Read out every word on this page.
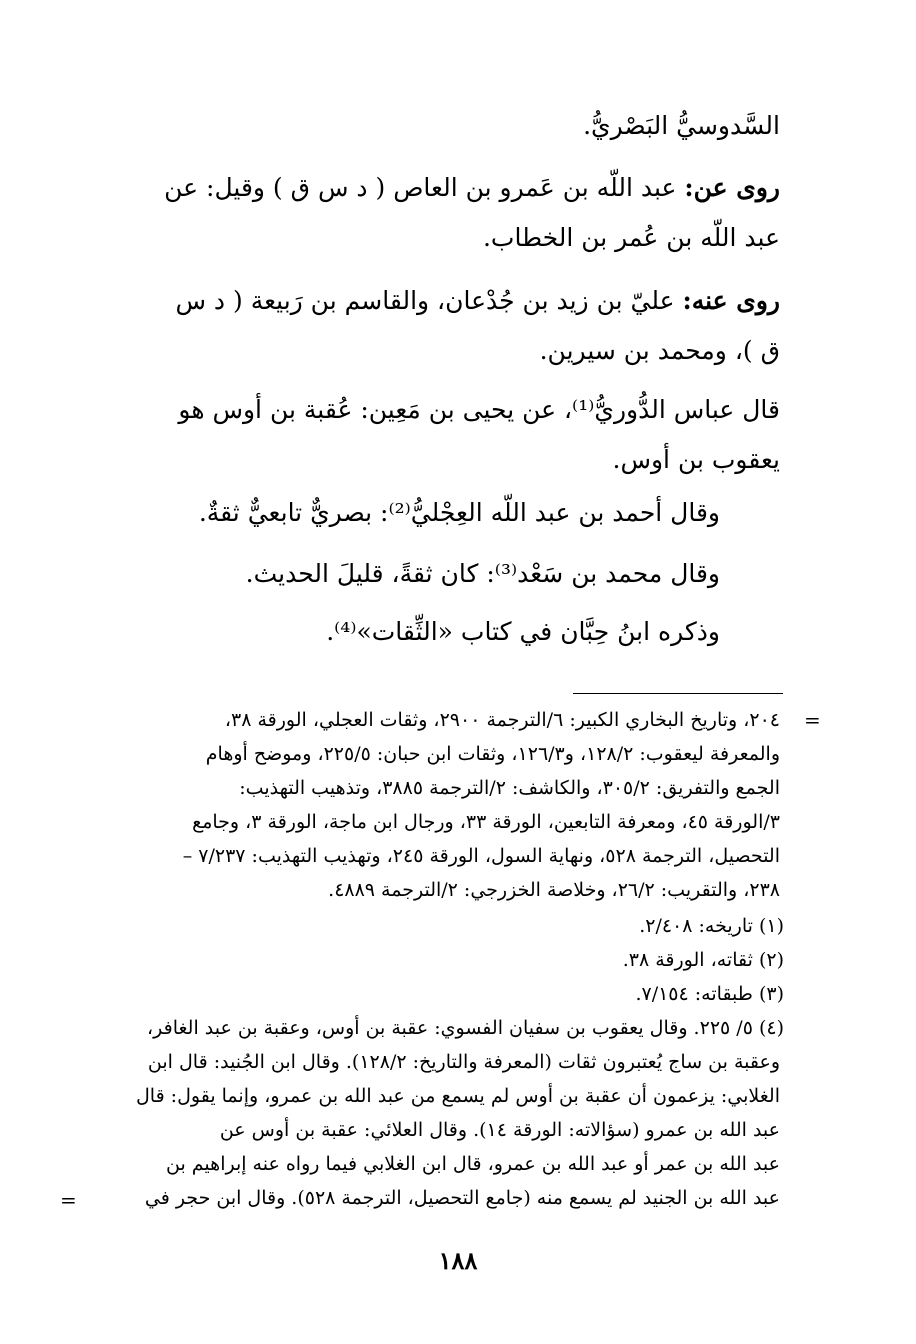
السَّدوسيُّ البَصْريُّ.
روى عن: عبد اللّه بن عَمرو بن العاص ( د س ق ) وقيل: عن
عبد اللّه بن عُمر بن الخطاب.
روى عنه: عليّ بن زيد بن جُدْعان، والقاسم بن رَبيعة ( د س
ق )، ومحمد بن سيرين.
قال عباس الدُّوريُّ⁽¹⁾، عن يحيى بن مَعِين: عُقبة بن أوس هو
يعقوب بن أوس.
وقال أحمد بن عبد اللّه العِجْليُّ⁽²⁾: بصريٌّ تابعيٌّ ثقةٌ.
وقال محمد بن سَعْد⁽³⁾: كان ثقةً، قليلَ الحديث.
وذكره ابنُ حِبَّان في كتاب «الثِّقات»⁽⁴⁾.
٢٠٤، وتاريخ البخاري الكبير: ٦/الترجمة ٢٩٠٠، وثقات العجلي، الورقة ٣٨،
والمعرفة ليعقوب: ١٢٨/٢، و١٢٦/٣، وثقات ابن حبان: ٢٢٥/٥، وموضح أوهام
الجمع والتفريق: ٣٠٥/٢، والكاشف: ٢/الترجمة ٣٨٨٥، وتذهيب التهذيب:
٣/الورقة ٤٥، ومعرفة التابعين، الورقة ٣٣، ورجال ابن ماجة، الورقة ٣، وجامع
التحصيل، الترجمة ٥٢٨، ونهاية السول، الورقة ٢٤٥، وتهذيب التهذيب: ٧/٢٣٧ –
٢٣٨، والتقريب: ٢٦/٢، وخلاصة الخزرجي: ٢/الترجمة ٤٨٨٩.
=
(١) تاريخه: ٢/٤٠٨.
(٢) ثقاته، الورقة ٣٨.
(٣) طبقاته: ٧/١٥٤.
(٤) ٥/ ٢٢٥. وقال يعقوب بن سفيان الفسوي: عقبة بن أوس، وعقبة بن عبد الغافر،
وعقبة بن ساج يُعتبرون ثقات (المعرفة والتاريخ: ١٢٨/٢). وقال ابن الجُنيد: قال ابن
الغلابي: يزعمون أن عقبة بن أوس لم يسمع من عبد الله بن عمرو، وإنما يقول: قال
عبد الله بن عمرو (سؤالاته: الورقة ١٤). وقال العلائي: عقبة بن أوس عن
عبد الله بن عمر أو عبد الله بن عمرو، قال ابن الغلابي فيما رواه عنه إبراهيم بن
عبد الله بن الجنيد لم يسمع منه (جامع التحصيل، الترجمة ٥٢٨). وقال ابن حجر في
=
١٨٨
